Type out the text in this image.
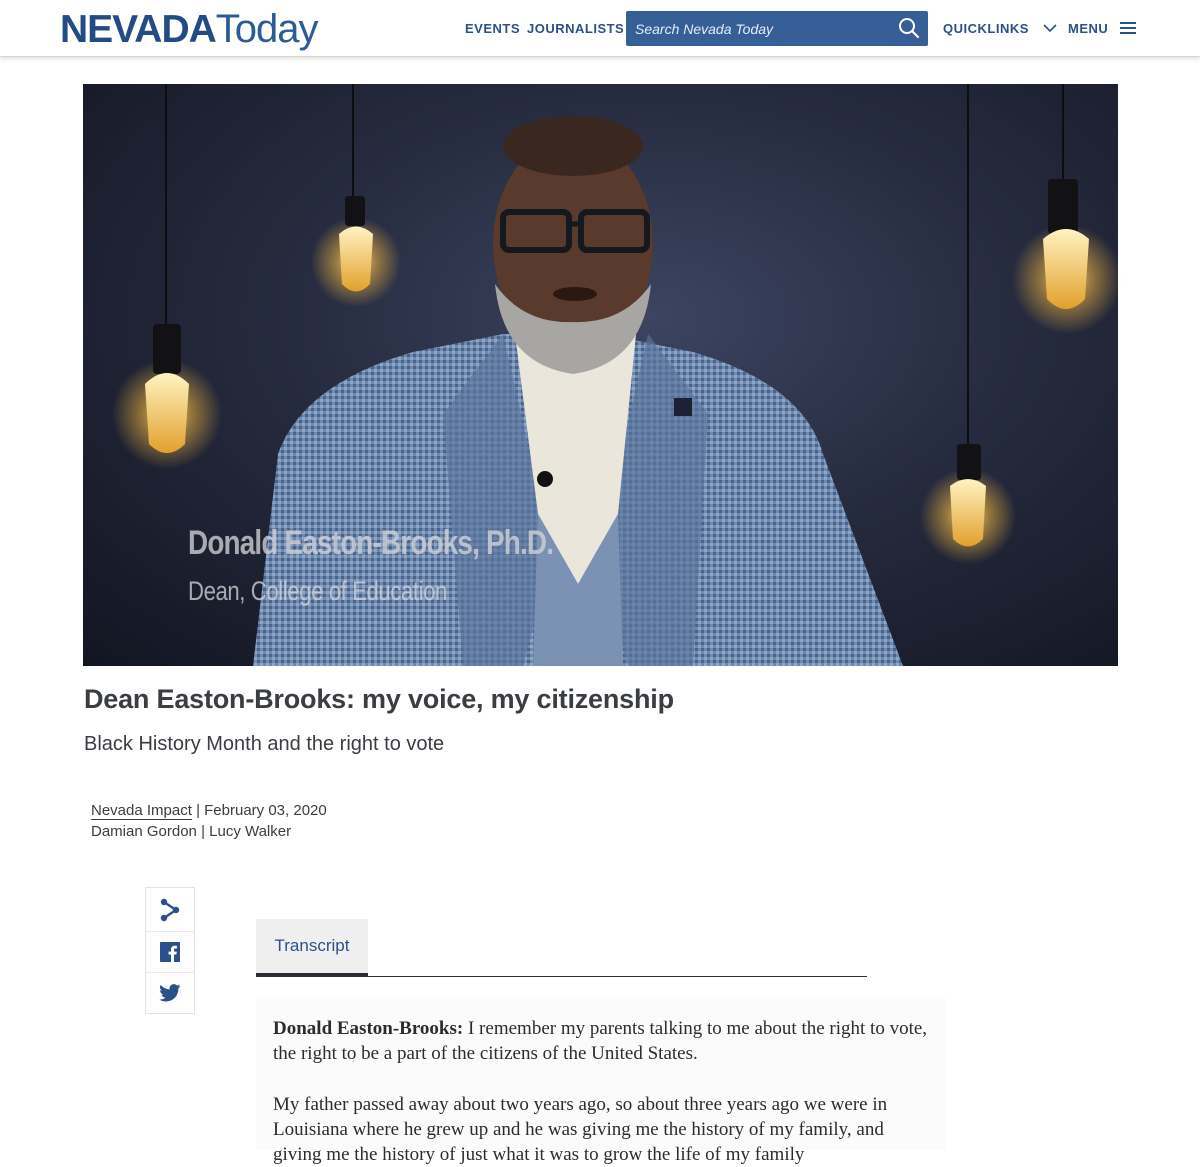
NEVADA Today	EVENTS JOURNALISTS
Search Nevada Today	QUICKLINKS	MENU
Donald Easton-Brooks, Ph.D.
Dean, College of Education
Dean Easton-Brooks: my voice, my citizenship
Black History Month and the right to vote
Nevada Impact | February 03, 2020
Damian Gordon | Lucy Walker
Transcript

Donald Easton-Brooks: I remember my parents talking to me about the right to vote, the right to be a part of the citizens of the United States.

My father passed away about two years ago, so about three years ago we were in Louisiana where he grew up and he was giving me the history of my family, and giving me the history of just what it was to grow the life of my family
